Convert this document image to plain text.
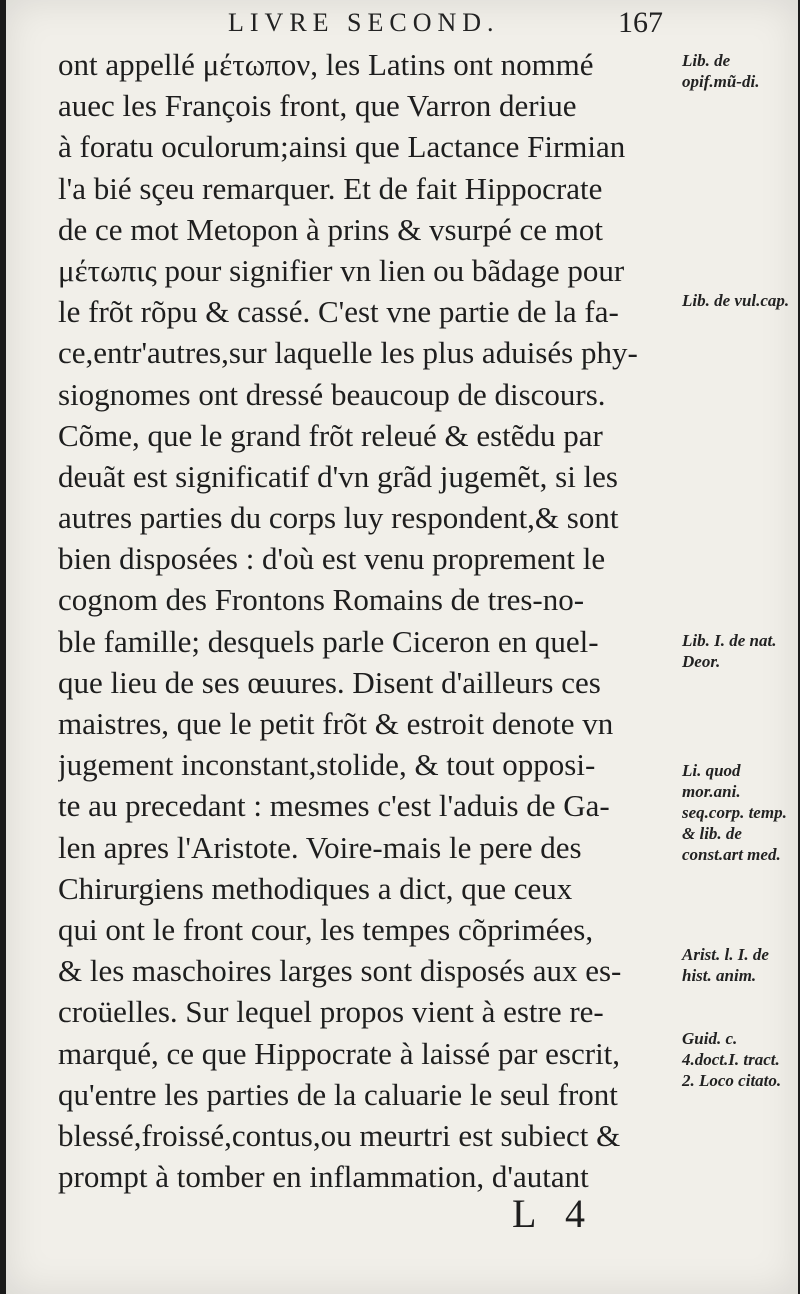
LIVRE SECOND.	167
ont appellé μέτωπον, les Latins ont nommé
auec les François front, que Varron deriue
à foratu oculorum;ainsi que Lactance Firmian
l'a bié sçeu remarquer. Et de fait Hippocrate
de ce mot Metopon à prins & vsurpé ce mot
μέτωπις pour signifier vn lien ou bãdage pour
le frõt rõpu & cassé. C'est vne partie de la fa-
ce,entr'autres,sur laquelle les plus aduisés phy-
siognomes ont dressé beaucoup de discours.
Cõme, que le grand frõt releué & estẽdu par
deuãt est significatif d'vn grãd jugemẽt, si les
autres parties du corps luy respondent,& sont
bien disposées : d'où est venu proprement le
cognom des Frontons Romains de tres-no-
ble famille; desquels parle Ciceron en quel-
que lieu de ses œuures. Disent d'ailleurs ces
maistres, que le petit frõt & estroit denote vn
jugement inconstant,stolide, & tout opposi-
te au precedant : mesmes c'est l'aduis de Ga-
len apres l'Aristote. Voire-mais le pere des
Chirurgiens methodiques a dict, que ceux
qui ont le front cour, les tempes cõprimées,
& les maschoires larges sont disposés aux es-
croüelles. Sur lequel propos vient à estre re-
marqué, ce que Hippocrate à laissé par escrit,
qu'entre les parties de la caluarie le seul front
blessé,froissé,contus,ou meurtri est subiect &
prompt à tomber en inflammation, d'autant
Lib. de opif.mũ-di.
Lib. de vul.cap.
Lib. I. de nat. Deor.
Li. quod mor.ani. seq.corp. temp. & lib. de const.art med.
Arist. l. I. de hist. anim.
Guid. c. 4.doct.I. tract. 2. Loco citato.
L 4
